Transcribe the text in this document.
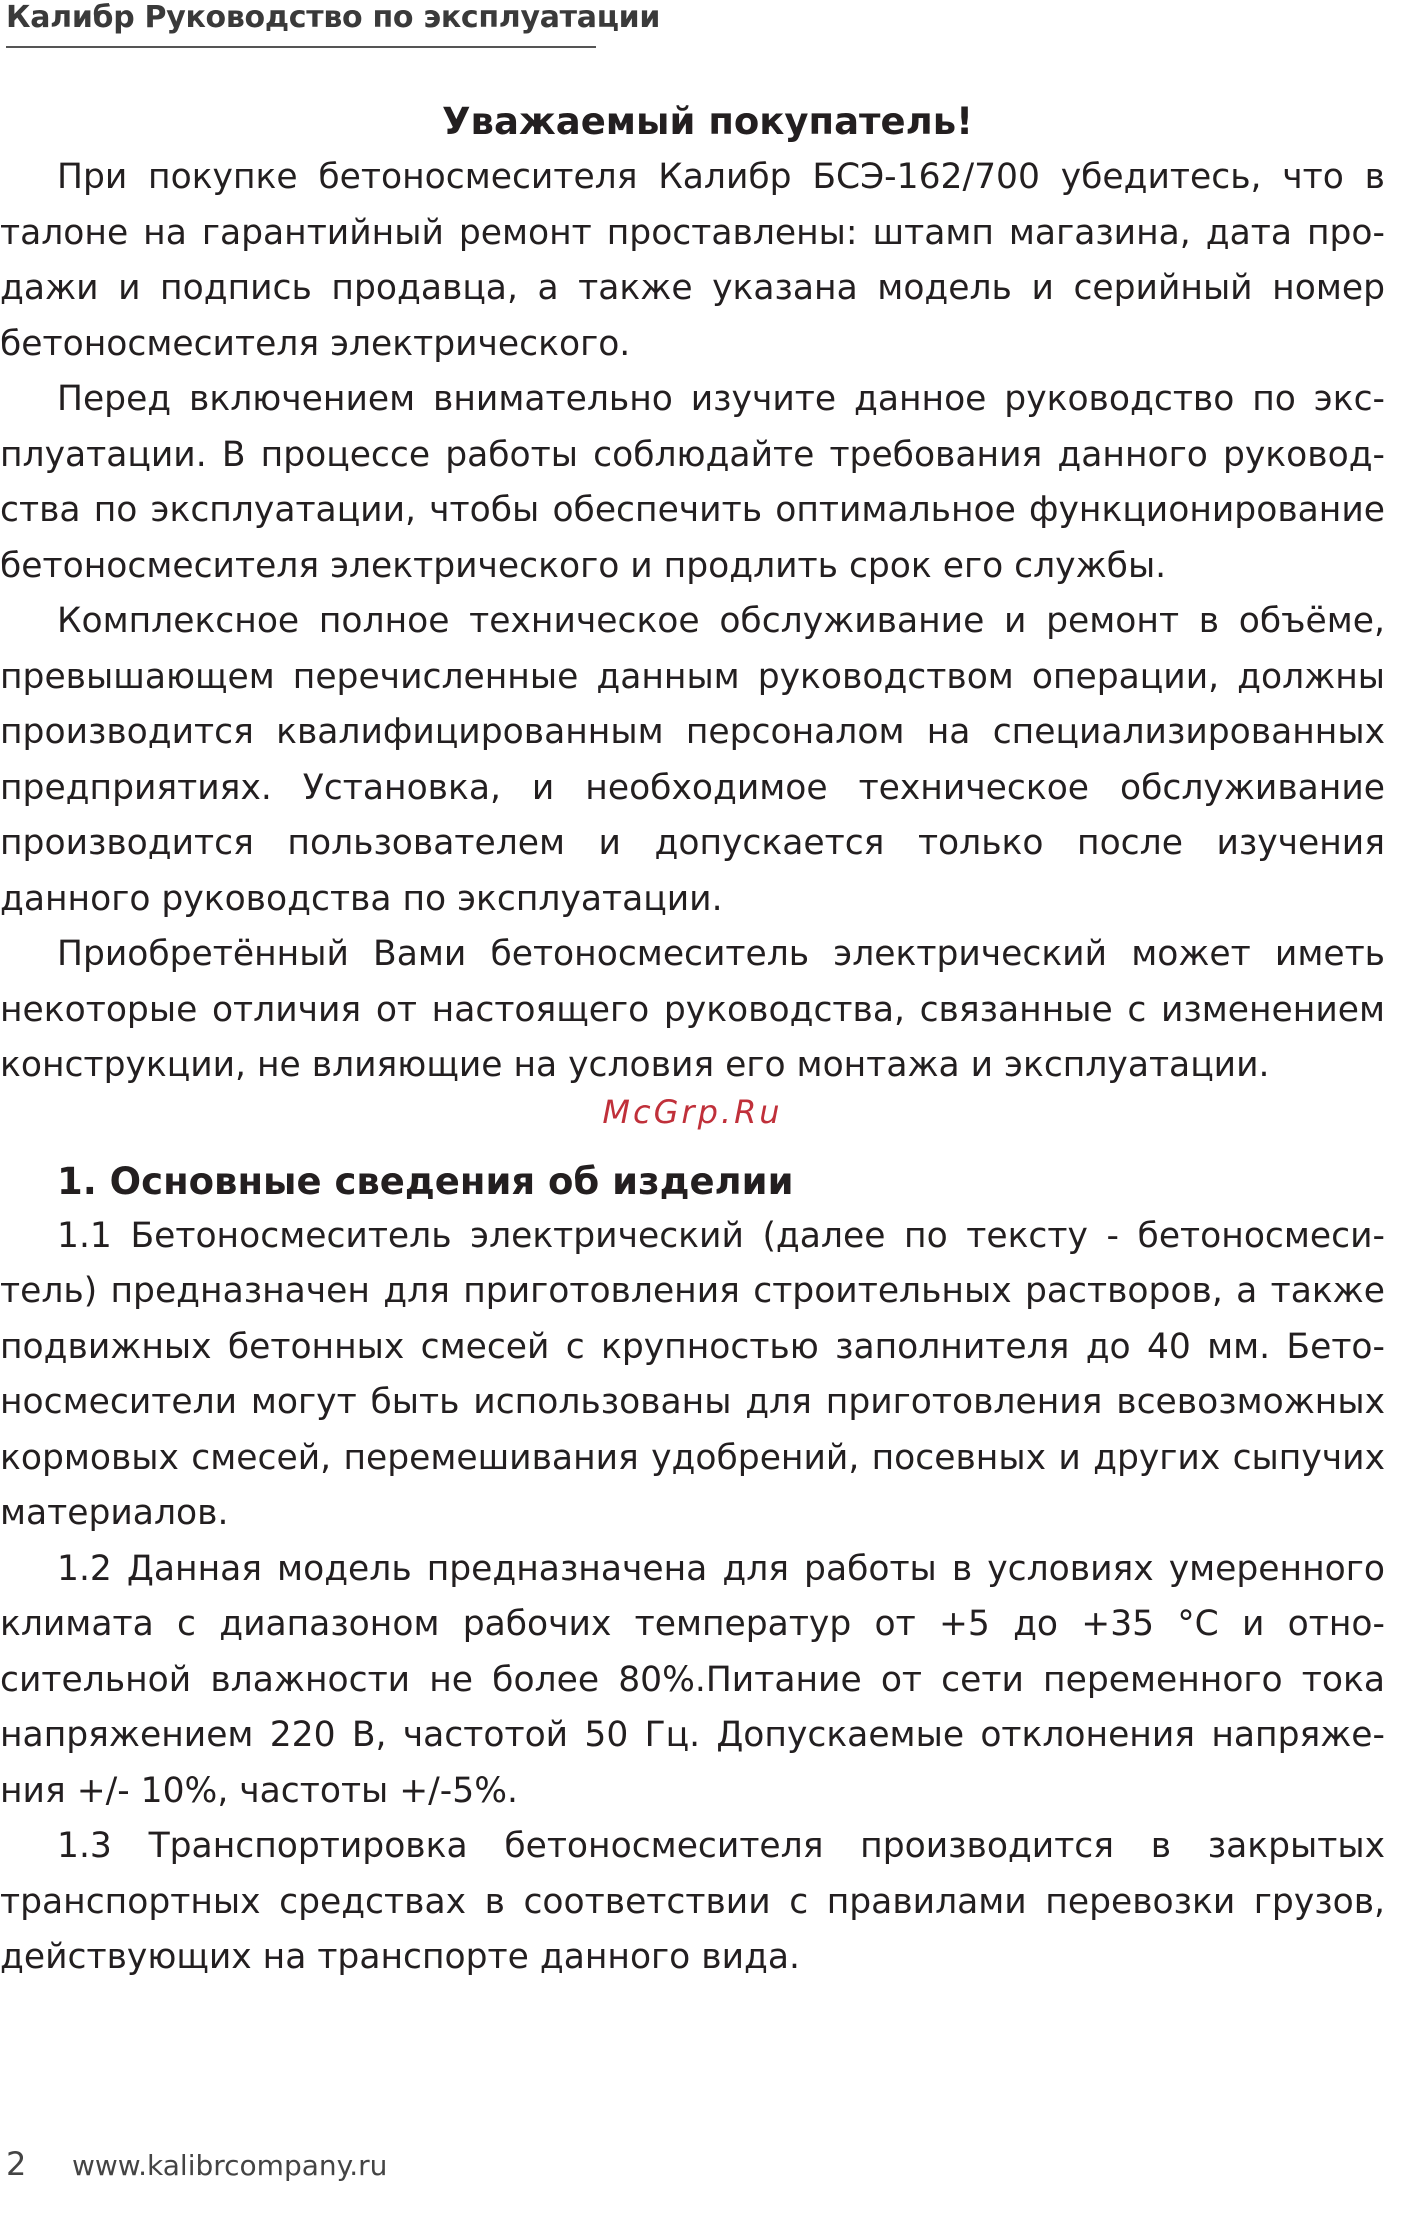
Калибр Руководство по эксплуатации
Уважаемый покупатель!

При покупке бетоносмесителя Калибр БСЭ-162/700 убедитесь, что в талоне на гарантийный ремонт проставлены: штамп магазина, дата продажи и подпись продавца, а также указана модель и серийный номер бетоносмесителя электрического.

Перед включением внимательно изучите данное руководство по эксплуатации. В процессе работы соблюдайте требования данного руководства по эксплуатации, чтобы обеспечить оптимальное функционирование бетоносмесителя электрического и продлить срок его службы.

Комплексное полное техническое обслуживание и ремонт в объёме, превышающем перечисленные данным руководством операции, должны производится квалифицированным персоналом на специализированных предприятиях. Установка, и необходимое техническое обслуживание производится пользователем и допускается только после изучения данного руководства по эксплуатации.

Приобретённый Вами бетоносмеситель электрический может иметь некоторые отличия от настоящего руководства, связанные с изменением конструкции, не влияющие на условия его монтажа и эксплуатации.

McGrp.Ru
1. Основные сведения об изделии

1.1 Бетоносмеситель электрический (далее по тексту - бетоносмеситель) предназначен для приготовления строительных растворов, а также подвижных бетонных смесей с крупностью заполнителя до 40 мм. Бетоносмесители могут быть использованы для приготовления всевозможных кормовых смесей, перемешивания удобрений, посевных и других сыпучих материалов.

1.2 Данная модель предназначена для работы в условиях умеренного климата с диапазоном рабочих температур от +5 до +35 °С и относительной влажности не более 80%.Питание от сети переменного тока напряжением 220 В, частотой 50 Гц. Допускаемые отклонения напряжения +/- 10%, частоты +/-5%.

1.3 Транспортировка бетоносмесителя производится в закрытых транспортных средствах в соответствии с правилами перевозки грузов, действующих на транспорте данного вида.

2 www.kalibrcompany.ru
